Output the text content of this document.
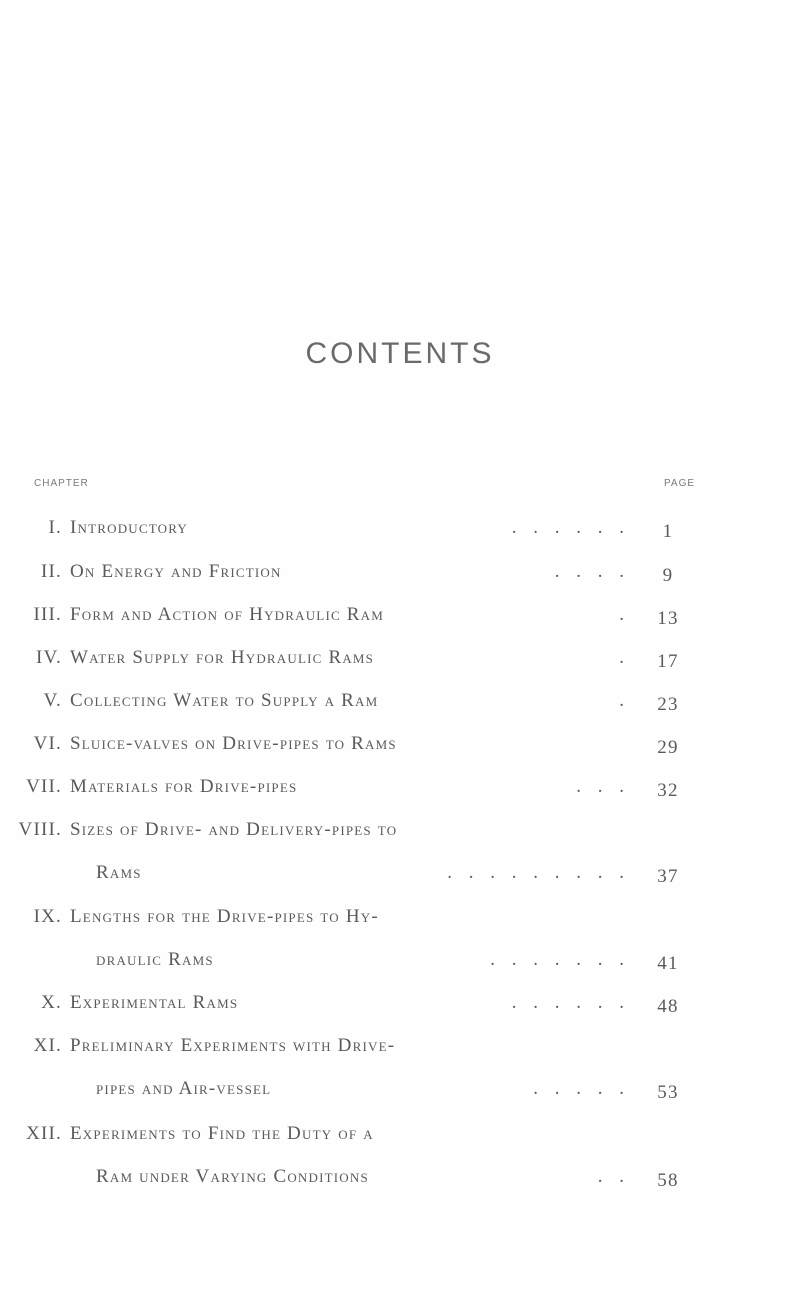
CONTENTS
CHAPTER	PAGE
I. Introductory	. . . . . .	1
II. On Energy and Friction	. . . .	9
III. Form and Action of Hydraulic Ram	.	13
IV. Water Supply for Hydraulic Rams	.	17
V. Collecting Water to Supply a Ram	.	23
VI. Sluice-valves on Drive-pipes to Rams	29
VII. Materials for Drive-pipes	. . .	32
VIII. Sizes of Drive- and Delivery-pipes to
Rams	. . . . . . . . .	37
IX. Lengths for the Drive-pipes to Hy-
draulic Rams	. . . . . . .	41
X. Experimental Rams	. . . . . .	48
XI. Preliminary Experiments with Drive-
pipes and Air-vessel	. . . . .	53
XII. Experiments to Find the Duty of a
Ram under Varying Conditions	. .	58
